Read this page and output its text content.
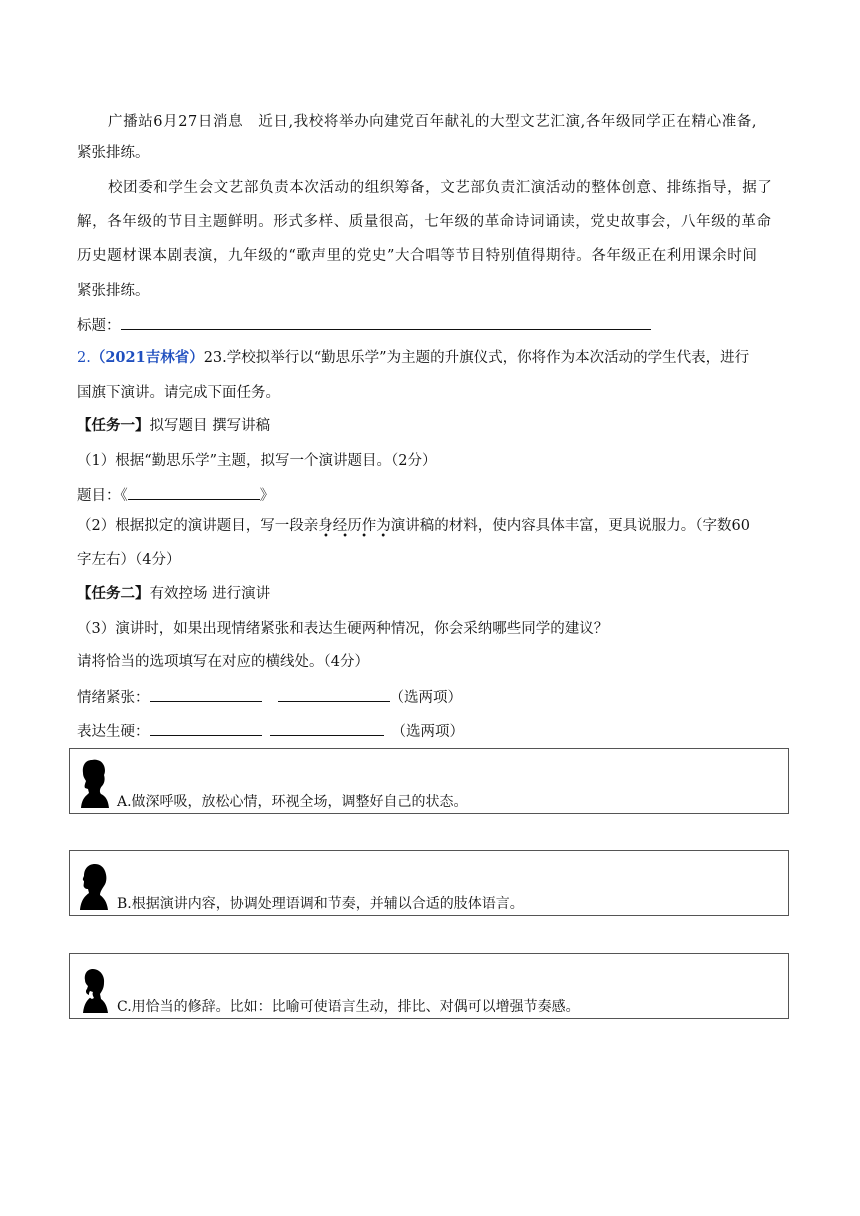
广播站6月27日消息　近日,我校将举办向建党百年献礼的大型文艺汇演,各年级同学正在精心准备,
紧张排练。
校团委和学生会文艺部负责本次活动的组织筹备，文艺部负责汇演活动的整体创意、排练指导，据了
解，各年级的节目主题鲜明。形式多样、质量很高，七年级的革命诗词诵读，党史故事会，八年级的革命
历史题材课本剧表演，九年级的“歌声里的党史”大合唱等节目特别值得期待。各年级正在利用课余时间
紧张排练。
标题：
2.（2021吉林省）23.学校拟举行以“勤思乐学”为主题的升旗仪式，你将作为本次活动的学生代表，进行
国旗下演讲。请完成下面任务。
【任务一】拟写题目 撰写讲稿
（1）根据“勤思乐学”主题，拟写一个演讲题目。（2分）
题目：《	》
（2）根据拟定的演讲题目，写一段亲身经历作为演讲稿的材料，使内容具体丰富，更具说服力。（字数60
• • • •
字左右）（4分）
【任务二】有效控场 进行演讲
（3）演讲时，如果出现情绪紧张和表达生硬两种情况，你会采纳哪些同学的建议？
请将恰当的选项填写在对应的横线处。（4分）
情绪紧张：	（选两项）
表达生硬：	（选两项）
A.做深呼吸，放松心情，环视全场，调整好自己的状态。
B.根据演讲内容，协调处理语调和节奏，并辅以合适的肢体语言。
C.用恰当的修辞。比如：比喻可使语言生动，排比、对偶可以增强节奏感。
